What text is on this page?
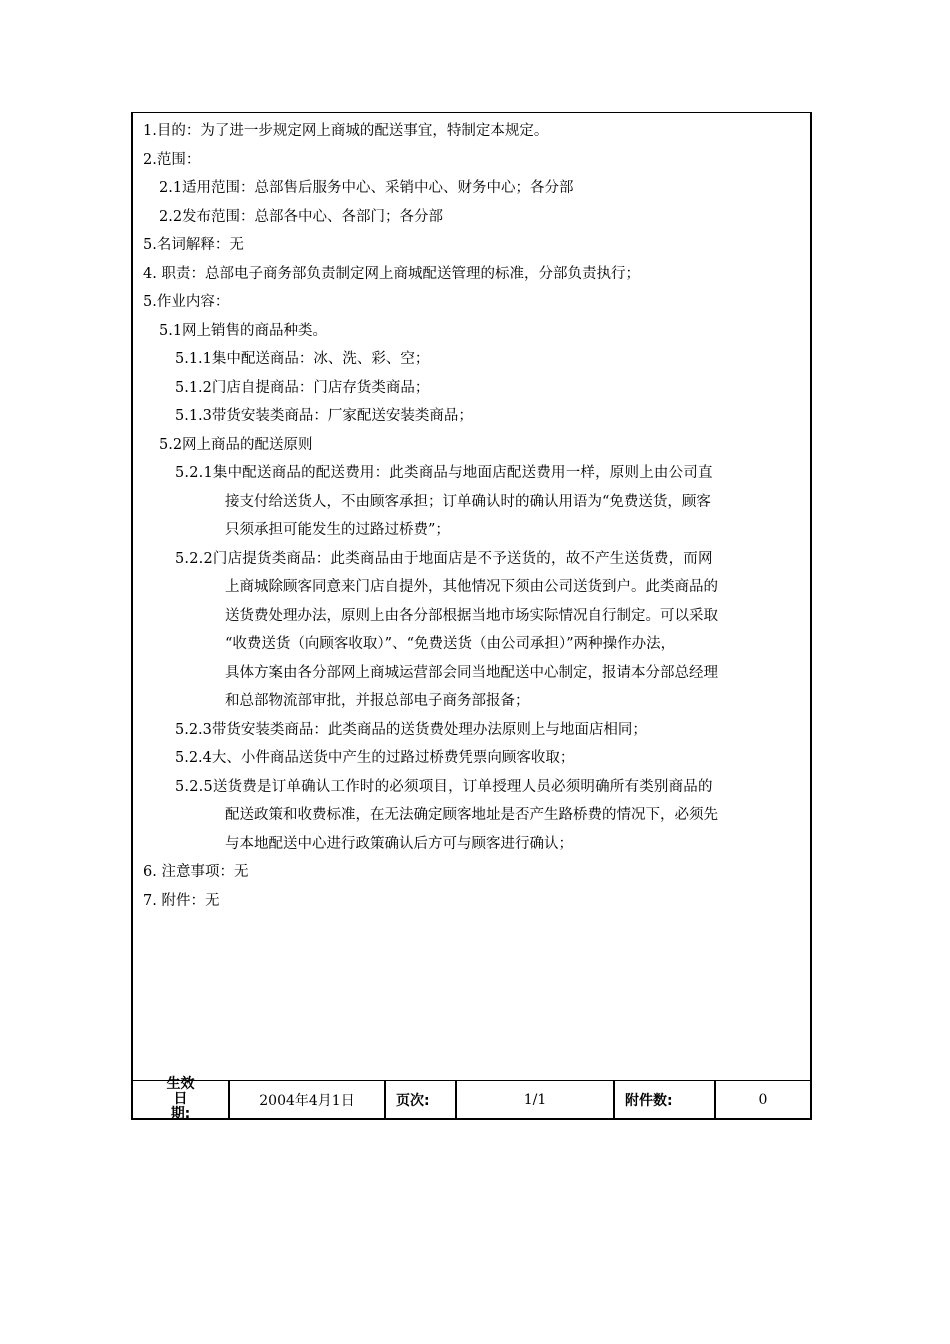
1.目的：为了进一步规定网上商城的配送事宜，特制定本规定。
2.范围：
2.1适用范围：总部售后服务中心、采销中心、财务中心；各分部
2.2发布范围：总部各中心、各部门；各分部
5.名词解释：无
4. 职责：总部电子商务部负责制定网上商城配送管理的标准，分部负责执行；
5.作业内容：
5.1网上销售的商品种类。
5.1.1集中配送商品：冰、洗、彩、空；
5.1.2门店自提商品：门店存货类商品；
5.1.3带货安装类商品：厂家配送安装类商品；
5.2网上商品的配送原则
5.2.1集中配送商品的配送费用：此类商品与地面店配送费用一样，原则上由公司直
接支付给送货人，不由顾客承担；订单确认时的确认用语为“免费送货，顾客
只须承担可能发生的过路过桥费”；
5.2.2门店提货类商品：此类商品由于地面店是不予送货的，故不产生送货费，而网
上商城除顾客同意来门店自提外，其他情况下须由公司送货到户。此类商品的
送货费处理办法，原则上由各分部根据当地市场实际情况自行制定。可以采取
“收费送货（向顾客收取）”、“免费送货（由公司承担）”两种操作办法，
具体方案由各分部网上商城运营部会同当地配送中心制定，报请本分部总经理
和总部物流部审批，并报总部电子商务部报备；
5.2.3带货安装类商品：此类商品的送货费处理办法原则上与地面店相同；
5.2.4大、小件商品送货中产生的过路过桥费凭票向顾客收取；
5.2.5送货费是订单确认工作时的必须项目，订单授理人员必须明确所有类别商品的
配送政策和收费标准，在无法确定顾客地址是否产生路桥费的情况下，必须先
与本地配送中心进行政策确认后方可与顾客进行确认；
6. 注意事项：无
7. 附件：无
生效日
期:
2004年4月1日	页次:	1/1	附件数:	0
